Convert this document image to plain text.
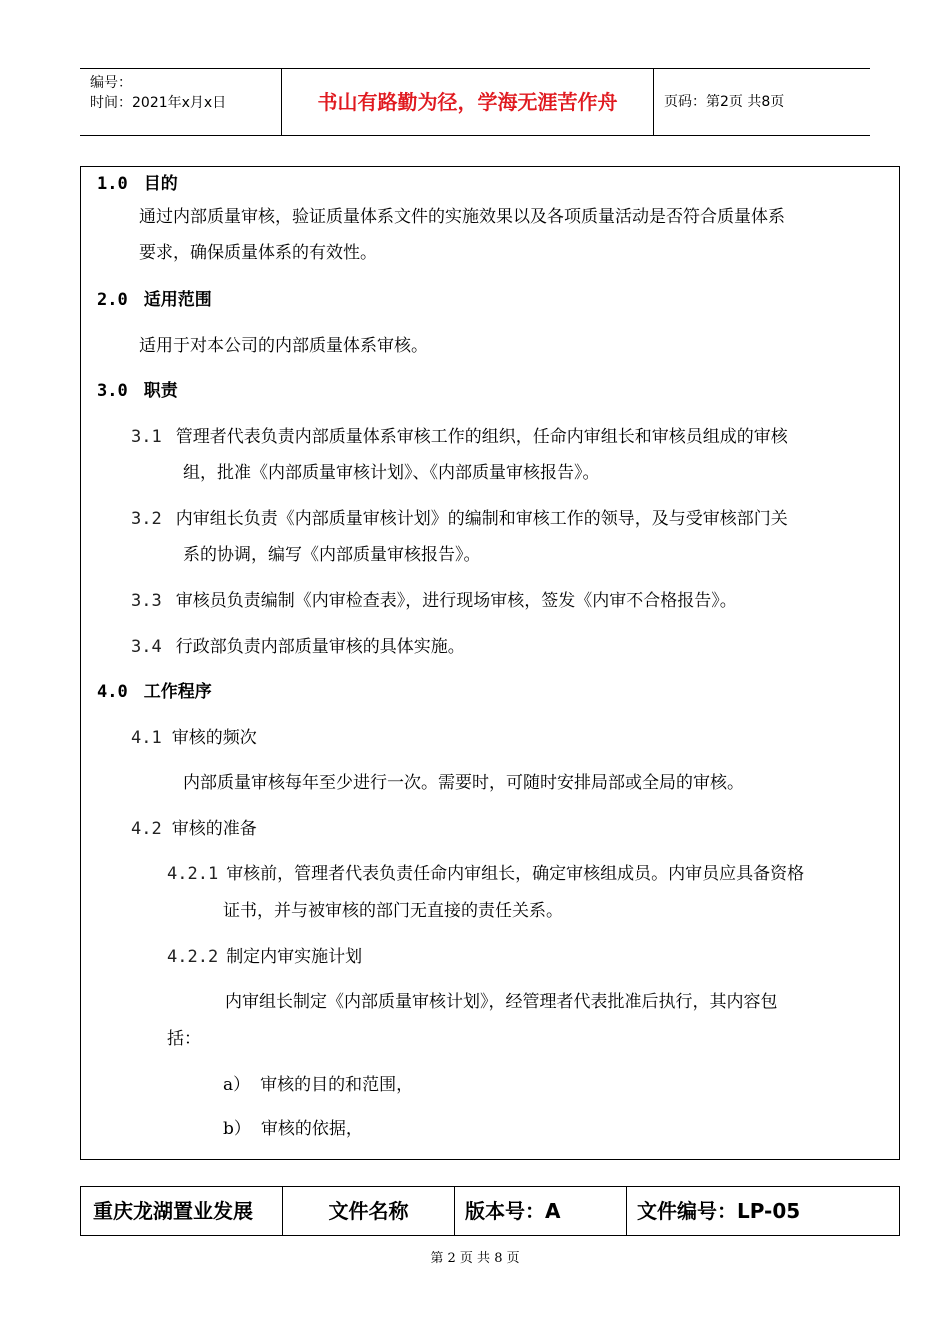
编号：
时间：2021年x月x日	书山有路勤为径，学海无涯苦作舟	页码：第2页 共8页
1.0 目的
通过内部质量审核，验证质量体系文件的实施效果以及各项质量活动是否符合质量体系
要求，确保质量体系的有效性。
2.0 适用范围
适用于对本公司的内部质量体系审核。
3.0 职责
3.1 管理者代表负责内部质量体系审核工作的组织，任命内审组长和审核员组成的审核
组，批准《内部质量审核计划》、《内部质量审核报告》。
3.2 内审组长负责《内部质量审核计划》的编制和审核工作的领导，及与受审核部门关
系的协调，编写《内部质量审核报告》。
3.3 审核员负责编制《内审检查表》，进行现场审核，签发《内审不合格报告》。
3.4 行政部负责内部质量审核的具体实施。
4.0 工作程序
4.1 审核的频次
内部质量审核每年至少进行一次。需要时，可随时安排局部或全局的审核。
4.2 审核的准备
4.2.1 审核前，管理者代表负责任命内审组长，确定审核组成员。内审员应具备资格
证书，并与被审核的部门无直接的责任关系。
4.2.2 制定内审实施计划
内审组长制定《内部质量审核计划》，经管理者代表批准后执行，其内容包
括：
a） 审核的目的和范围，
b） 审核的依据，
重庆龙湖置业发展	文件名称	版本号：A	文件编号：LP-05
第 2 页 共 8 页
